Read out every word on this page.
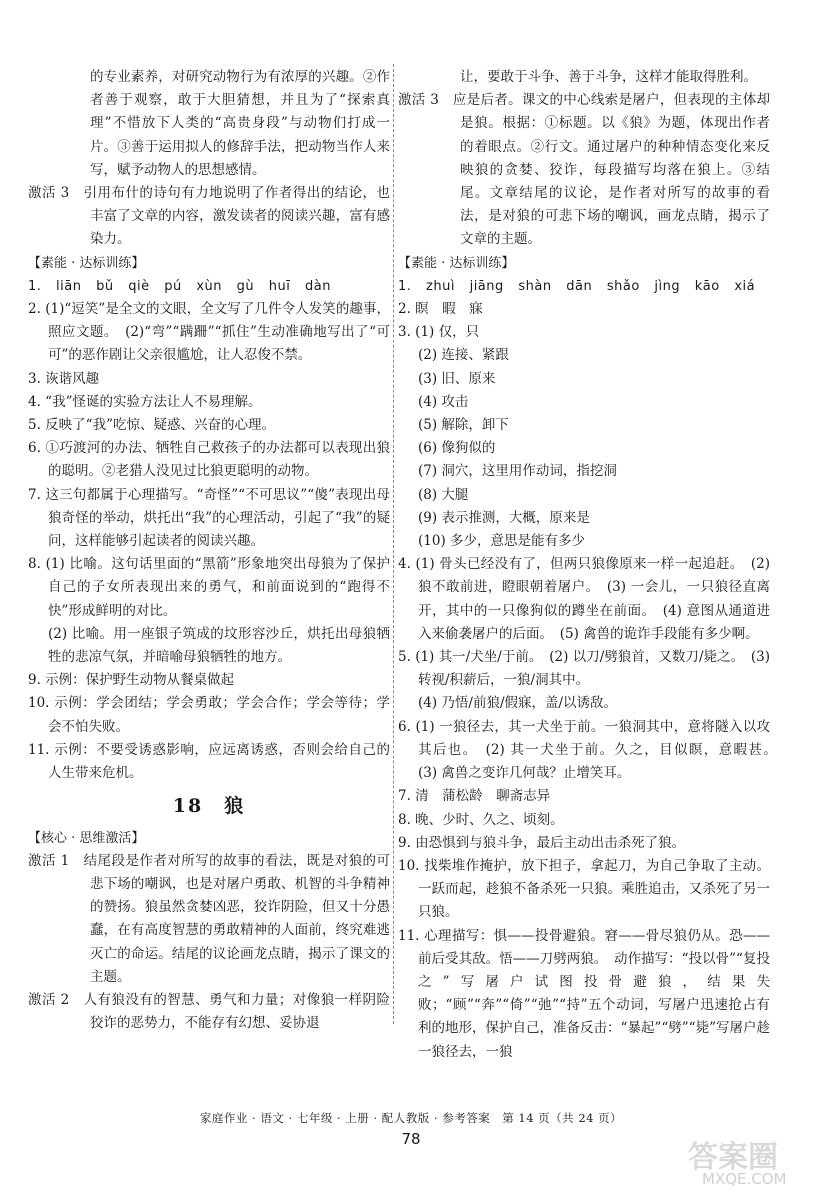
的专业素养，对研究动物行为有浓厚的兴趣。②作者善于观察，敢于大胆猜想，并且为了“探索真理”不惜放下人类的“高贵身段”与动物们打成一片。③善于运用拟人的修辞手法，把动物当作人来写，赋予动物人的思想感情。

激活 3　引用布什的诗句有力地说明了作者得出的结论，也丰富了文章的内容，激发读者的阅读兴趣，富有感染力。

【素能 · 达标训练】

1. liān bǔ qiè pú xùn gù huī dàn

2. (1)“逗笑”是全文的文眼，全文写了几件令人发笑的趣事，照应文题。　(2)“弯”“蹒跚”“抓住”生动准确地写出了“可可”的恶作剧让父亲很尴尬，让人忍俊不禁。

3. 诙谐风趣

4. “我”怪诞的实验方法让人不易理解。

5. 反映了“我”吃惊、疑惑、兴奋的心理。

6. ①巧渡河的办法、牺牲自己救孩子的办法都可以表现出狼的聪明。②老猎人没见过比狼更聪明的动物。

7. 这三句都属于心理描写。“奇怪”“不可思议”“傻”表现出母狼奇怪的举动，烘托出“我”的心理活动，引起了“我”的疑问，这样能够引起读者的阅读兴趣。

8. (1) 比喻。这句话里面的“黑箭”形象地突出母狼为了保护自己的子女所表现出来的勇气，和前面说到的“跑得不快”形成鲜明的对比。

(2) 比喻。用一座银子筑成的坟形容沙丘，烘托出母狼牺牲的悲凉气氛，并暗喻母狼牺牲的地方。

9. 示例：保护野生动物从餐桌做起

10. 示例：学会团结；学会勇敢；学会合作；学会等待；学会不怕失败。

11. 示例：不要受诱惑影响，应远离诱惑，否则会给自己的人生带来危机。

18　狼

【核心 · 思维激活】

激活 1　结尾段是作者对所写的故事的看法，既是对狼的可悲下场的嘲讽，也是对屠户勇敢、机智的斗争精神的赞扬。狼虽然贪婪凶恶，狡诈阴险，但又十分愚蠢，在有高度智慧的勇敢精神的人面前，终究难逃灭亡的命运。结尾的议论画龙点睛，揭示了课文的主题。

激活 2　人有狼没有的智慧、勇气和力量；对像狼一样阴险狡诈的恶势力，不能存有幻想、妥协退

让，要敢于斗争、善于斗争，这样才能取得胜利。

激活 3　应是后者。课文的中心线索是屠户，但表现的主体却是狼。根据：①标题。以《狼》为题，体现出作者的着眼点。②行文。通过屠户的种种情态变化来反映狼的贪婪、狡诈，每段描写均落在狼上。③结尾。文章结尾的议论，是作者对所写的故事的看法，是对狼的可悲下场的嘲讽，画龙点睛，揭示了文章的主题。

【素能 · 达标训练】

1. zhuì jiāng shàn dān shǎo jìng kāo xiá

2. 瞑　暇　寐

3. (1) 仅，只

(2) 连接、紧跟

(3) 旧、原来

(4) 攻击

(5) 解除，卸下

(6) 像狗似的

(7) 洞穴，这里用作动词，指挖洞

(8) 大腿

(9) 表示推测，大概，原来是

(10) 多少，意思是能有多少

4. (1) 骨头已经没有了，但两只狼像原来一样一起追赶。　(2) 狼不敢前进，瞪眼朝着屠户。　(3) 一会儿，一只狼径直离开，其中的一只像狗似的蹲坐在前面。　(4) 意图从通道进入来偷袭屠户的后面。　(5) 禽兽的诡诈手段能有多少啊。

5. (1) 其一/犬坐/于前。　(2) 以刀/劈狼首，又数刀/毙之。　(3) 转视/积薪后，一狼/洞其中。

(4) 乃悟/前狼/假寐，盖/以诱敌。

6. (1) 一狼径去，其一犬坐于前。一狼洞其中，意将隧入以攻其后也。　(2) 其一犬坐于前。久之，目似瞑，意暇甚。　(3) 禽兽之变诈几何哉？止增笑耳。

7. 清　蒲松龄　聊斋志异

8. 晚、少时、久之、顷刻。

9. 由恐惧到与狼斗争，最后主动出击杀死了狼。

10. 找柴堆作掩护，放下担子，拿起刀，为自己争取了主动。一跃而起，趁狼不备杀死一只狼。乘胜追击，又杀死了另一只狼。

11. 心理描写：惧——投骨避狼。窘——骨尽狼仍从。恐——前后受其敌。悟——刀劈两狼。　动作描写：“投以骨”“复投之”写屠户试图投骨避狼，结果失败；“顾”“奔”“倚”“弛”“持”五个动词，写屠户迅速抢占有利的地形，保护自己，准备反击：“暴起”“劈”“毙”写屠户趁一狼径去，一狼

家庭作业 · 语文 · 七年级 · 上册 · 配人教版 · 参考答案　第 14 页（共 24 页）
78
答案圈
MXQE.COM
